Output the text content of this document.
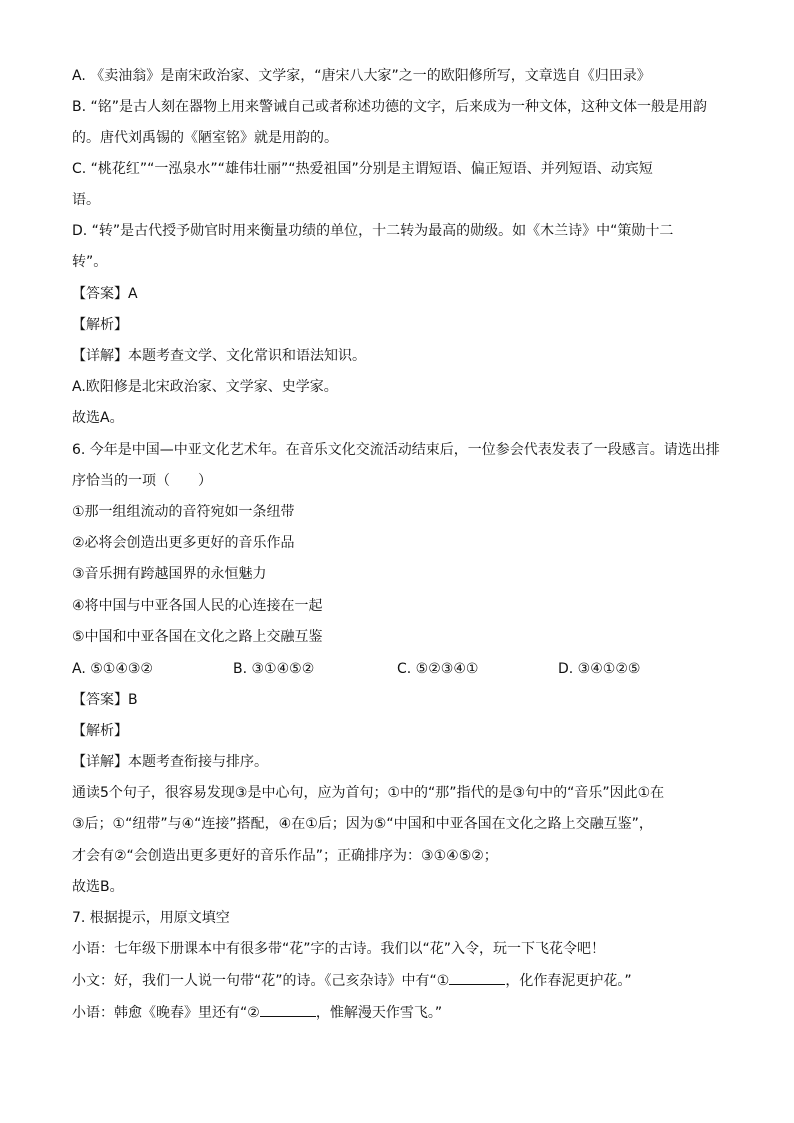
A. 《卖油翁》是南宋政治家、文学家，“唐宋八大家”之一的欧阳修所写，文章选自《归田录》
B. “铭”是古人刻在器物上用来警诫自己或者称述功德的文字，后来成为一种文体，这种文体一般是用韵
的。唐代刘禹锡的《陋室铭》就是用韵的。
C. “桃花红”“一泓泉水”“雄伟壮丽”“热爱祖国”分别是主谓短语、偏正短语、并列短语、动宾短
语。
D. “转”是古代授予勋官时用来衡量功绩的单位，十二转为最高的勋级。如《木兰诗》中“策勋十二
转”。
【答案】A
【解析】
【详解】本题考查文学、文化常识和语法知识。
A.欧阳修是北宋政治家、文学家、史学家。
故选A。
6. 今年是中国—中亚文化艺术年。在音乐文化交流活动结束后，一位参会代表发表了一段感言。请选出排
序恰当的一项（　　）
①那一组组流动的音符宛如一条纽带
②必将会创造出更多更好的音乐作品
③音乐拥有跨越国界的永恒魅力
④将中国与中亚各国人民的心连接在一起
⑤中国和中亚各国在文化之路上交融互鉴
A. ⑤①④③②	B. ③①④⑤②	C. ⑤②③④①	D. ③④①②⑤
【答案】B
【解析】
【详解】本题考查衔接与排序。
通读5个句子，很容易发现③是中心句，应为首句；①中的“那”指代的是③句中的“音乐”因此①在
③后；①“纽带”与④“连接”搭配，④在①后；因为⑤“中国和中亚各国在文化之路上交融互鉴”，
才会有②“会创造出更多更好的音乐作品”；正确排序为：③①④⑤②；
故选B。
7. 根据提示，用原文填空
小语：七年级下册课本中有很多带“花”字的古诗。我们以“花”入令，玩一下飞花令吧！
小文：好，我们一人说一句带“花”的诗。《己亥杂诗》中有“①	，化作春泥更护花。”
小语：韩愈《晚春》里还有“②	，惟解漫天作雪飞。”
